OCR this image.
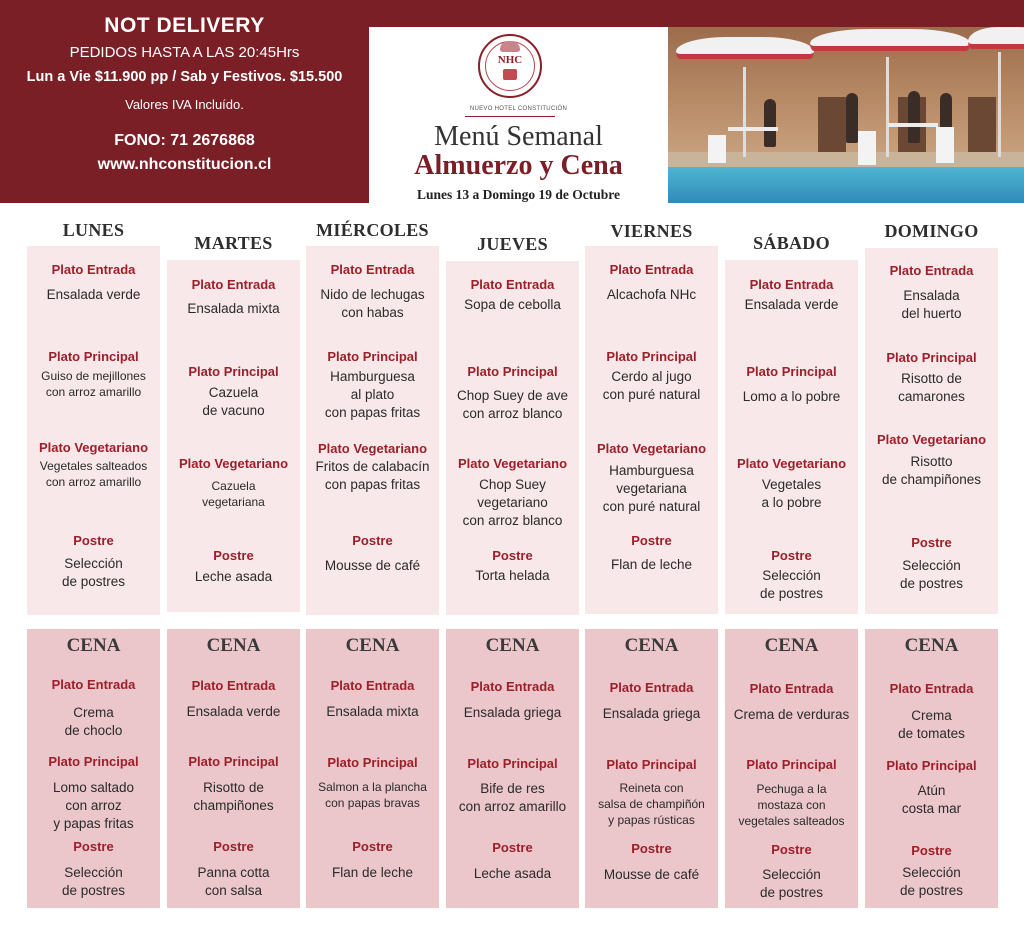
NOT DELIVERY
PEDIDOS HASTA A LAS 20:45Hrs
Lun a Vie $11.900 pp / Sab y Festivos. $15.500
Valores IVA Incluído.
FONO: 71 2676868
www.nhconstitucion.cl
NHC
NUEVO HOTEL CONSTITUCIÓN
Menú Semanal
Almuerzo y Cena
Lunes 13 a Domingo 19 de Octubre
LUNES
Plato Entrada
Ensalada verde
Plato Principal
Guiso de mejillones
con arroz amarillo
Plato Vegetariano
Vegetales salteados
con arroz amarillo
Postre
Selección
de postres
CENA
Plato Entrada
Crema
de choclo
Plato Principal
Lomo saltado
con arroz
y papas fritas
Postre
Selección
de postres
MARTES
Plato Entrada
Ensalada mixta
Plato Principal
Cazuela
de vacuno
Plato Vegetariano
Cazuela
vegetariana
Postre
Leche asada
CENA
Plato Entrada
Ensalada verde
Plato Principal
Risotto de
champiñones
Postre
Panna cotta
con salsa
MIÉRCOLES
Plato Entrada
Nido de lechugas
con habas
Plato Principal
Hamburguesa
al plato
con papas fritas
Plato Vegetariano
Fritos de calabacín
con papas fritas
Postre
Mousse de café
CENA
Plato Entrada
Ensalada mixta
Plato Principal
Salmon a la plancha
con papas bravas
Postre
Flan de leche
JUEVES
Plato Entrada
Sopa de cebolla
Plato Principal
Chop Suey de ave
con arroz blanco
Plato Vegetariano
Chop Suey
vegetariano
con arroz blanco
Postre
Torta helada
CENA
Plato Entrada
Ensalada griega
Plato Principal
Bife de res
con arroz amarillo
Postre
Leche asada
VIERNES
Plato Entrada
Alcachofa NHc
Plato Principal
Cerdo al jugo
con puré natural
Plato Vegetariano
Hamburguesa
vegetariana
con puré natural
Postre
Flan de leche
CENA
Plato Entrada
Ensalada griega
Plato Principal
Reineta con
salsa de champiñón
y papas rústicas
Postre
Mousse de café
SÁBADO
Plato Entrada
Ensalada verde
Plato Principal
Lomo a lo pobre
Plato Vegetariano
Vegetales
a lo pobre
Postre
Selección
de postres
CENA
Plato Entrada
Crema de verduras
Plato Principal
Pechuga a la
mostaza con
vegetales salteados
Postre
Selección
de postres
DOMINGO
Plato Entrada
Ensalada
del huerto
Plato Principal
Risotto de
camarones
Plato Vegetariano
Risotto
de champiñones
Postre
Selección
de postres
CENA
Plato Entrada
Crema
de tomates
Plato Principal
Atún
costa mar
Postre
Selección
de postres
